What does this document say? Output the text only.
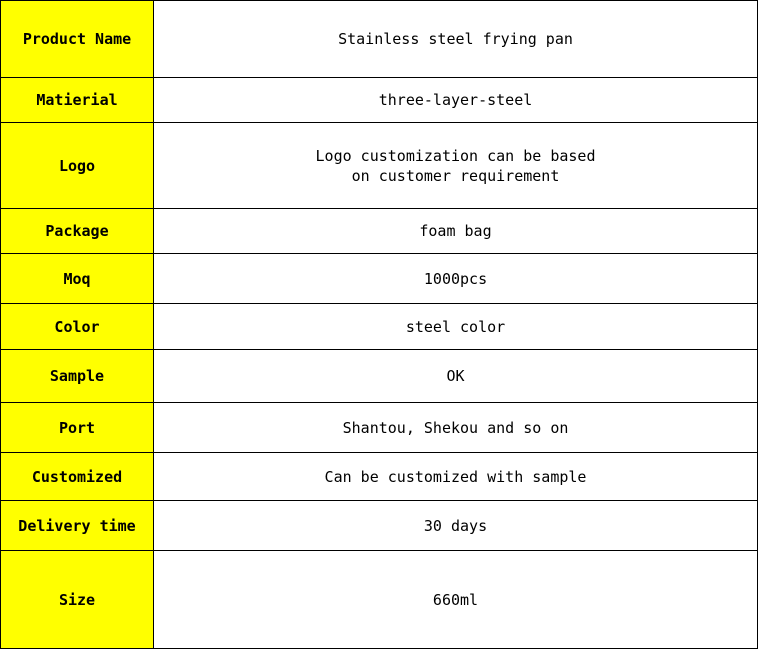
Product Name	Stainless steel frying pan

Matierial	three-layer-steel

Logo	Logo customization can be based
on customer requirement

Package	foam bag

Moq	1000pcs

Color	steel color

Sample	OK

Port	Shantou, Shekou and so on

Customized	Can be customized with sample

Delivery time	30 days

Size	660ml
